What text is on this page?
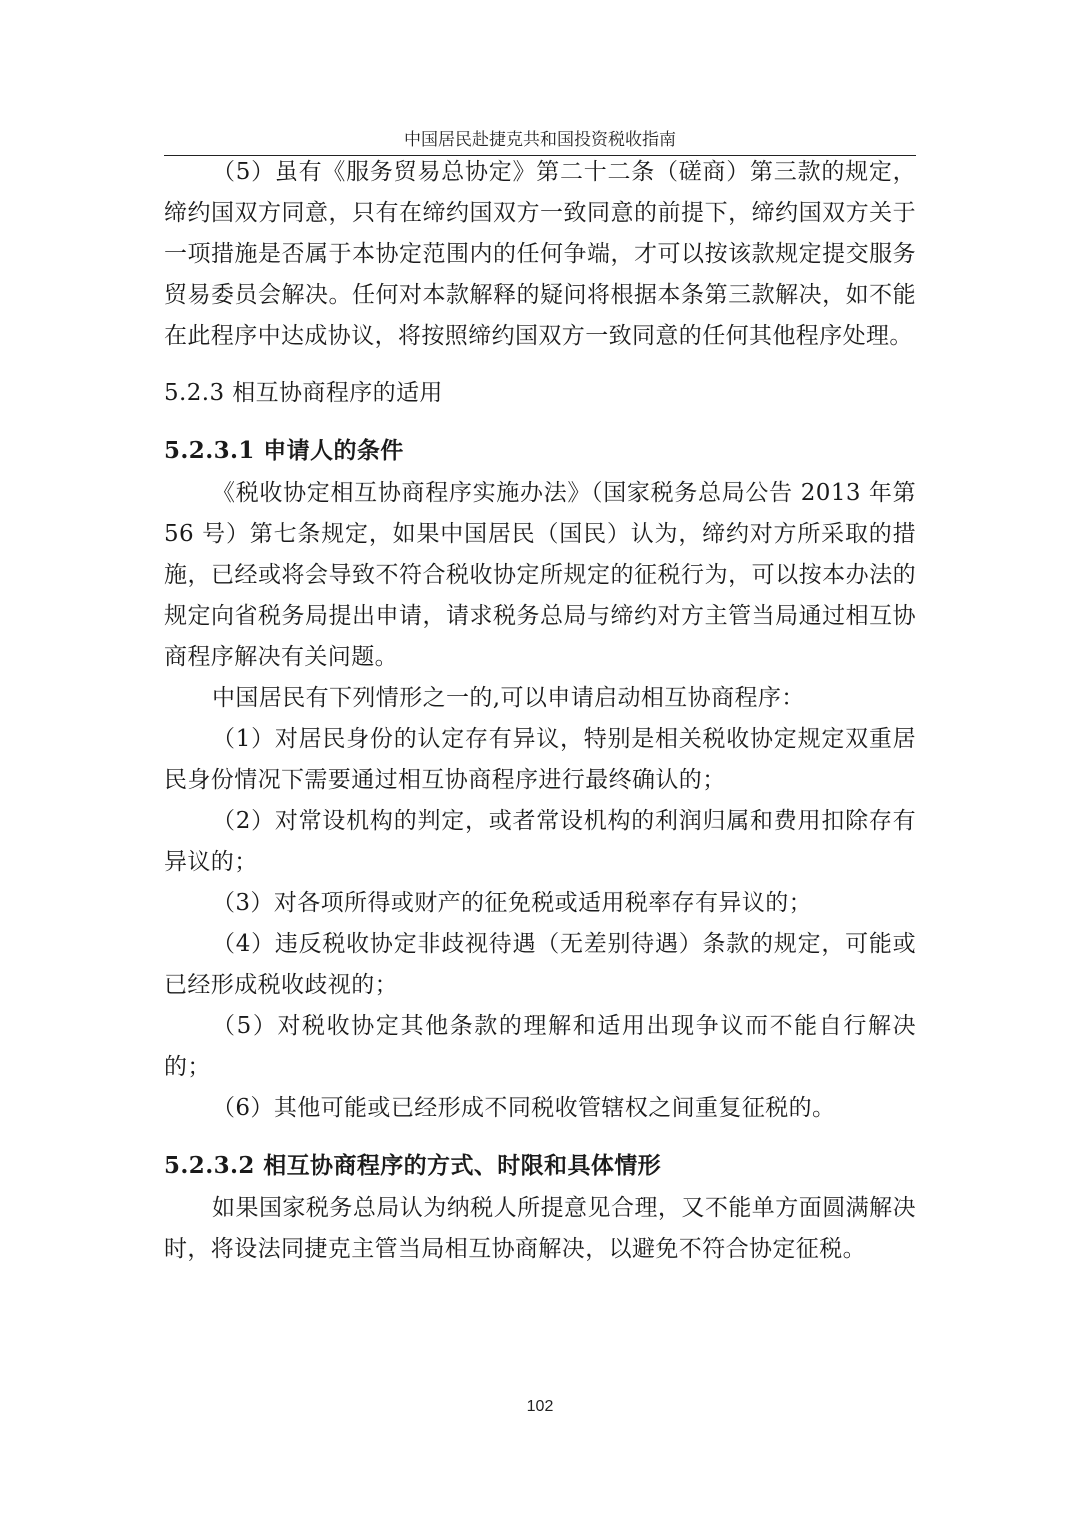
中国居民赴捷克共和国投资税收指南

（5）虽有《服务贸易总协定》第二十二条（磋商）第三款的规定，缔约国双方同意，只有在缔约国双方一致同意的前提下，缔约国双方关于一项措施是否属于本协定范围内的任何争端，才可以按该款规定提交服务贸易委员会解决。任何对本款解释的疑问将根据本条第三款解决，如不能在此程序中达成协议，将按照缔约国双方一致同意的任何其他程序处理。

5.2.3 相互协商程序的适用
5.2.3.1 申请人的条件

《税收协定相互协商程序实施办法》（国家税务总局公告 2013 年第 56 号）第七条规定，如果中国居民（国民）认为，缔约对方所采取的措施，已经或将会导致不符合税收协定所规定的征税行为，可以按本办法的规定向省税务局提出申请，请求税务总局与缔约对方主管当局通过相互协商程序解决有关问题。

中国居民有下列情形之一的,可以申请启动相互协商程序：

（1）对居民身份的认定存有异议，特别是相关税收协定规定双重居民身份情况下需要通过相互协商程序进行最终确认的；

（2）对常设机构的判定，或者常设机构的利润归属和费用扣除存有异议的；

（3）对各项所得或财产的征免税或适用税率存有异议的；

（4）违反税收协定非歧视待遇（无差别待遇）条款的规定，可能或已经形成税收歧视的；

（5）对税收协定其他条款的理解和适用出现争议而不能自行解决的；

（6）其他可能或已经形成不同税收管辖权之间重复征税的。

5.2.3.2 相互协商程序的方式、时限和具体情形

如果国家税务总局认为纳税人所提意见合理，又不能单方面圆满解决时，将设法同捷克主管当局相互协商解决，以避免不符合协定征税。

102
